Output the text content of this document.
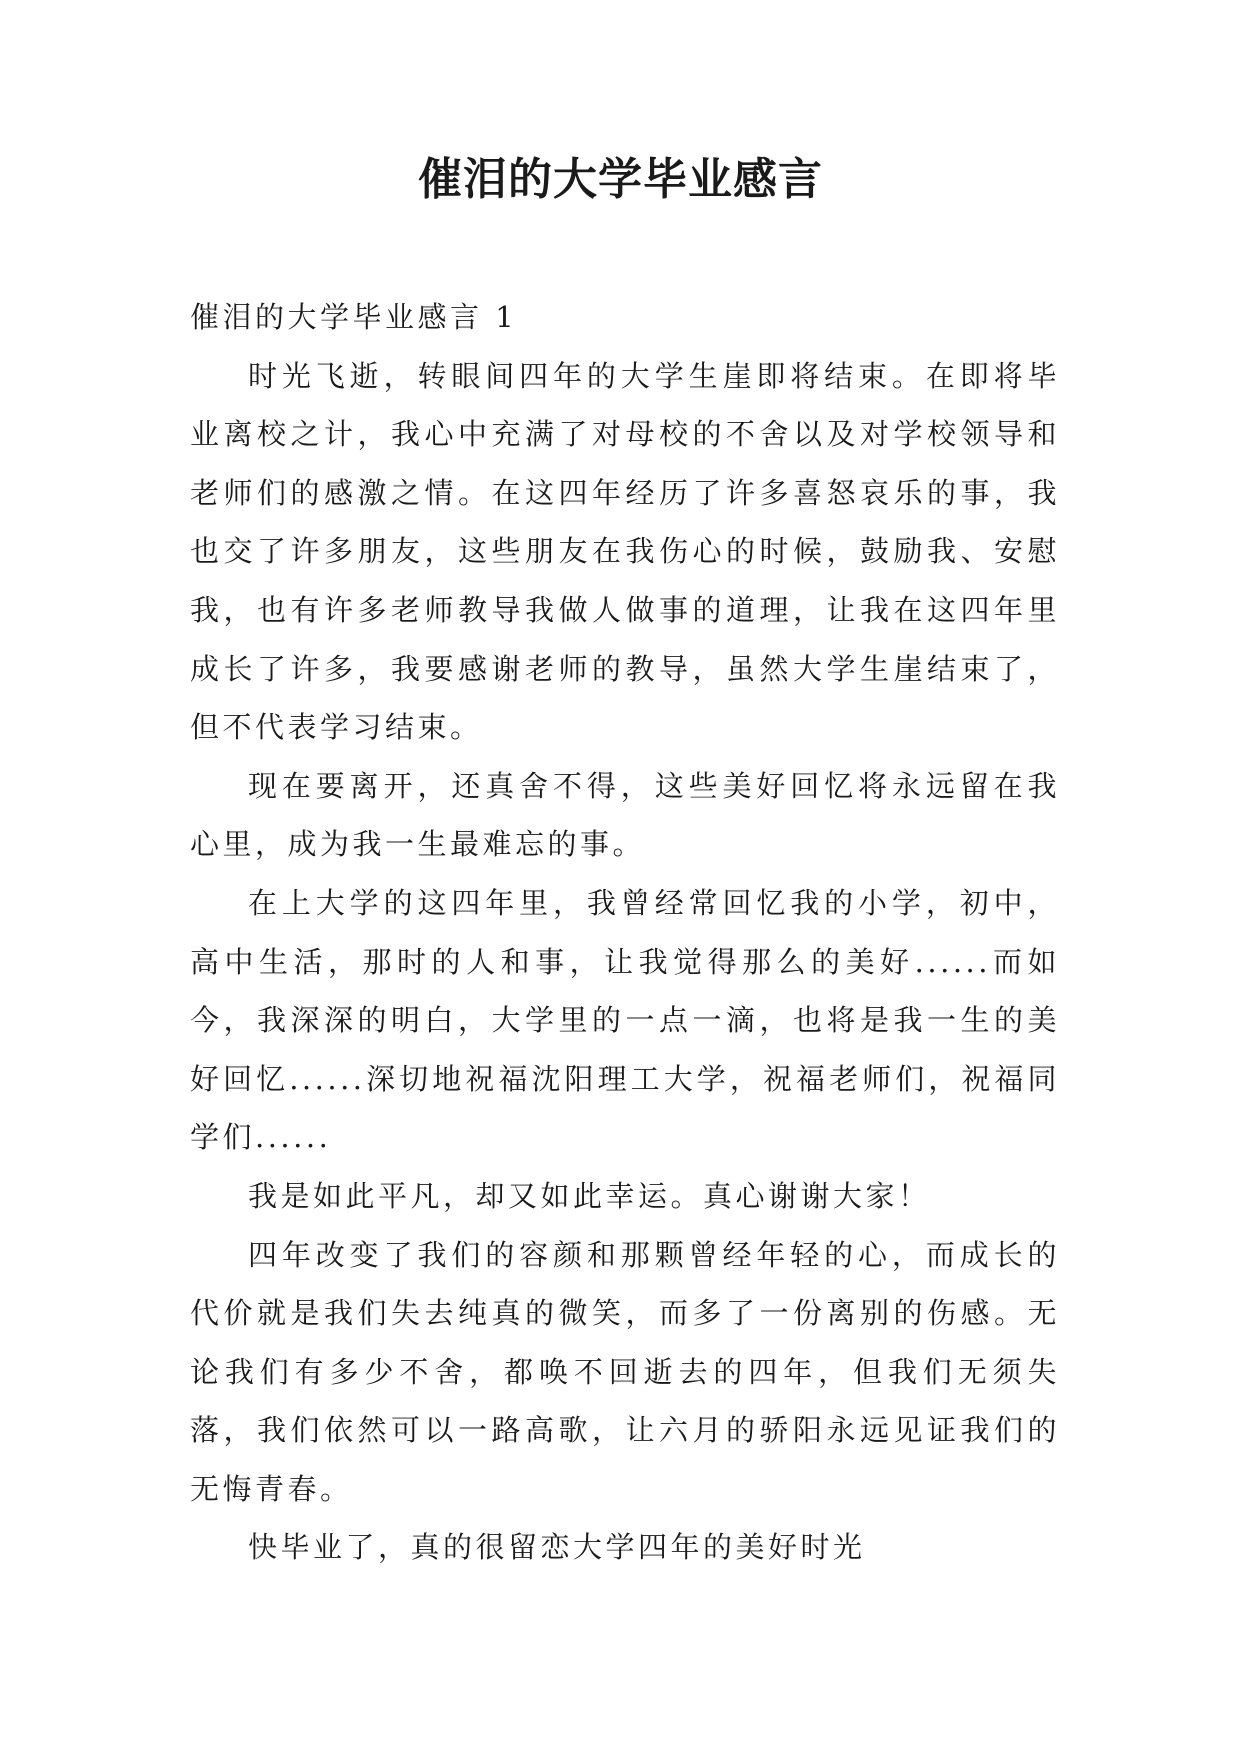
催泪的大学毕业感言

催泪的大学毕业感言 1

时光飞逝，转眼间四年的大学生崖即将结束。在即将毕业离校之计，我心中充满了对母校的不舍以及对学校领导和老师们的感激之情。在这四年经历了许多喜怒哀乐的事，我也交了许多朋友，这些朋友在我伤心的时候，鼓励我、安慰我，也有许多老师教导我做人做事的道理，让我在这四年里成长了许多，我要感谢老师的教导，虽然大学生崖结束了，但不代表学习结束。

现在要离开，还真舍不得，这些美好回忆将永远留在我心里，成为我一生最难忘的事。

在上大学的这四年里，我曾经常回忆我的小学，初中，高中生活，那时的人和事，让我觉得那么的美好......而如今，我深深的明白，大学里的一点一滴，也将是我一生的美好回忆......深切地祝福沈阳理工大学，祝福老师们，祝福同学们......

我是如此平凡，却又如此幸运。真心谢谢大家！

四年改变了我们的容颜和那颗曾经年轻的心，而成长的代价就是我们失去纯真的微笑，而多了一份离别的伤感。无论我们有多少不舍，都唤不回逝去的四年，但我们无须失落，我们依然可以一路高歌，让六月的骄阳永远见证我们的无悔青春。

快毕业了，真的很留恋大学四年的美好时光
